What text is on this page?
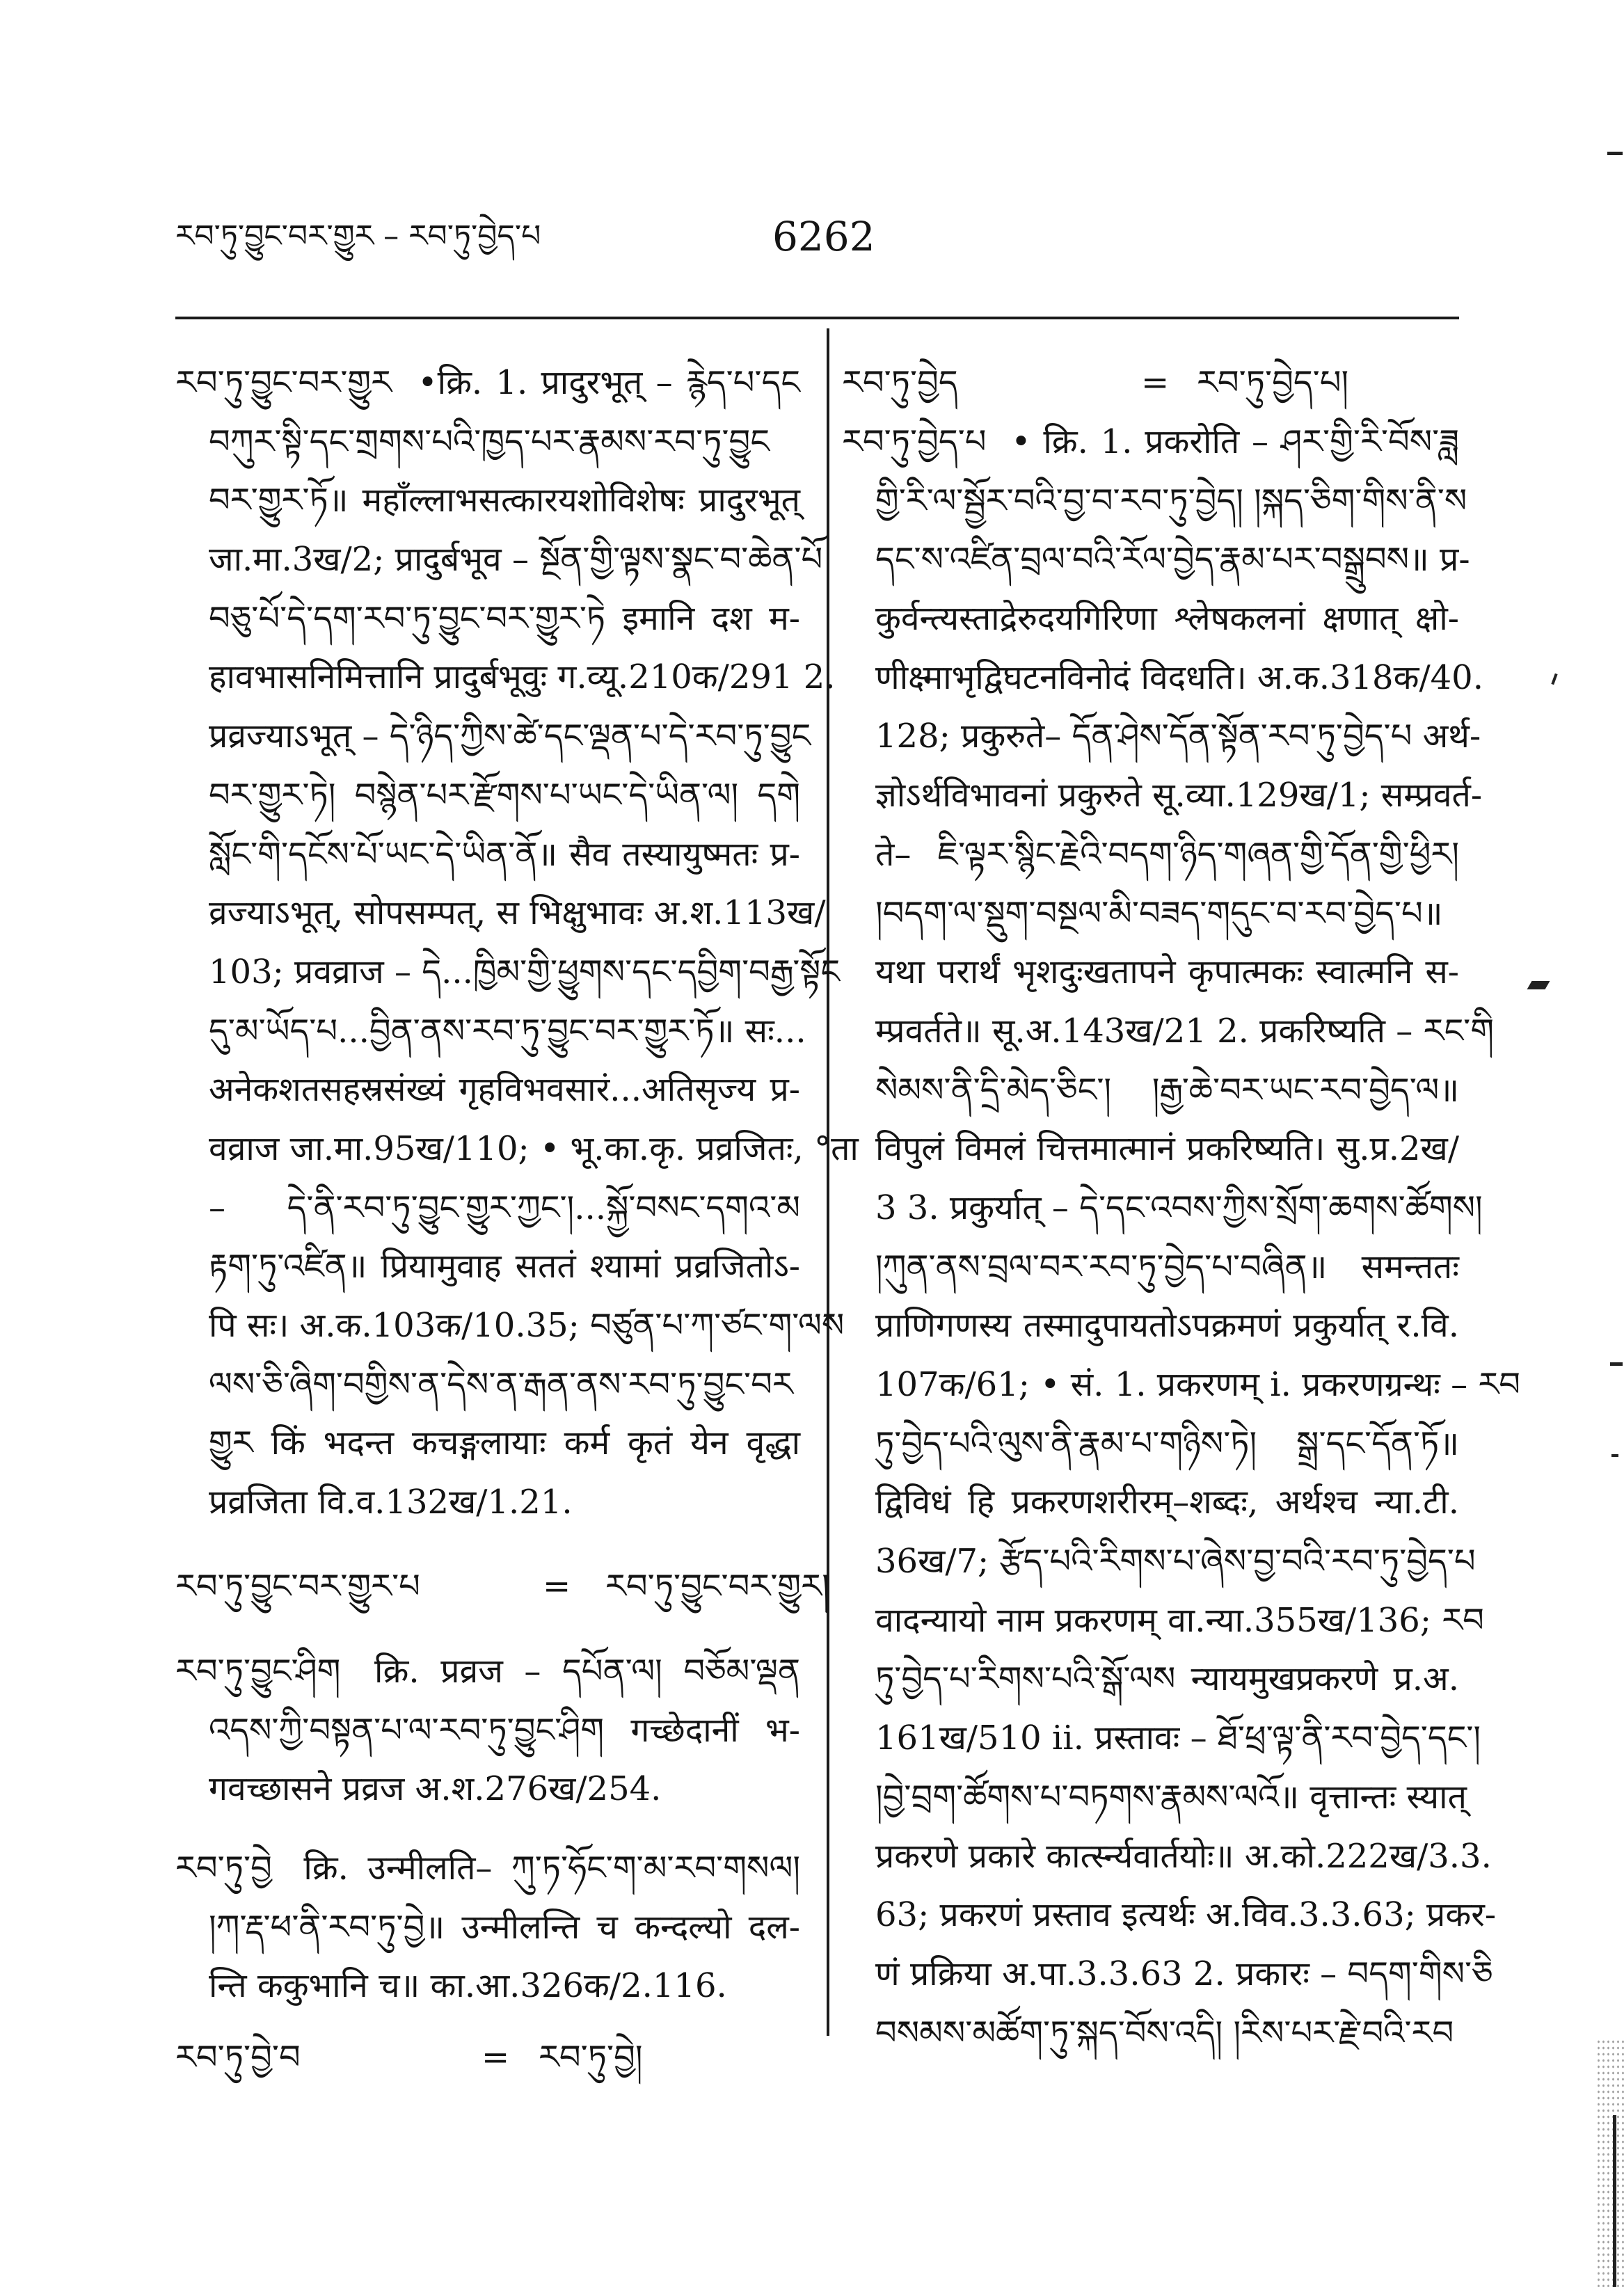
རབ་ཏུ་བྱུང་བར་གྱུར – རབ་ཏུ་བྱེད་པ	6262
རབ་ཏུ་བྱུང་བར་གྱུར •क्रि. 1. प्रादुरभूत् – རྙེད་པ་དང
བཀུར་སྟི་དང་གྲགས་པའི་ཁྱད་པར་རྣམས་རབ་ཏུ་བྱུང
བར་གྱུར་ཏོ॥ महाँल्लाभसत्कारयशोविशेषः प्रादुरभूत्
जा.मा.3ख/2; प्रादुर्बभूव – སྔོན་གྱི་ལྟས་སྣང་བ་ཆེན་པོ
བཅུ་པོ་དེ་དག་རབ་ཏུ་བྱུང་བར་གྱུར་ཏེ इमानि दश म-
हावभासनिमित्तानि प्रादुर्बभूवुः ग.व्यू.210क/291 2.
प्रव्रज्याऽभूत् – དེ་ཉིད་ཀྱིས་ཚེ་དང་ལྡན་པ་དེ་རབ་ཏུ་བྱུང
བར་གྱུར་ཏེ། བསྙེན་པར་རྫོགས་པ་ཡང་དེ་ཡིན་ལ། དགེ
སློང་གི་དངོས་པོ་ཡང་དེ་ཡིན་ནོ॥ सैव तस्यायुष्मतः प्र-
व्रज्याऽभूत्, सोपसम्पत्, स भिक्षुभावः अ.श.113ख/
103; प्रवव्राज – དེ...ཁྱིམ་གྱི་ཕྱུགས་དང་དབྱིག་བརྒྱ་སྟོང
དུ་མ་ཡོད་པ...བྱིན་ནས་རབ་ཏུ་བྱུང་བར་གྱུར་ཏོ॥ सः...
अनेकशतसहस्रसंख्यं गृहविभवसारं...अतिसृज्य प्र-
वव्राज जा.मा.95ख/110; • भू.का.कृ. प्रव्रजितः, °ता
– དེ་ནི་རབ་ཏུ་བྱུང་གྱུར་ཀྱང་།...སྐྱོ་བསང་དགའ་མ
རྟག་ཏུ་འཛིན॥ प्रियामुवाह सततं श्यामां प्रव्रजितोऽ-
पि सः। अ.क.103क/10.35; བཙུན་པ་ཀ་ཙང་ག་ལས
ལས་ཅི་ཞིག་བགྱིས་ན་དེས་ན་རྒན་ནས་རབ་ཏུ་བྱུང་བར
གྱུར किं भदन्त कचङ्गलायाः कर्म कृतं येन वृद्धा
प्रव्रजिता वि.व.132ख/1.21.
རབ་ཏུ་བྱུང་བར་གྱུར་པ	= རབ་ཏུ་བྱུང་བར་གྱུར།
རབ་ཏུ་བྱུང་ཤིག क्रि. प्रव्रज – དཔོན་ལ། བཅོམ་ལྡན
འདས་ཀྱི་བསྟན་པ་ལ་རབ་ཏུ་བྱུང་ཤིག गच्छेदानीं भ-
गवच्छासने प्रव्रज अ.श.276ख/254.
རབ་ཏུ་བྱེ क्रि. उन्मीलति– ཀུ་ཏ་ཧོང་ག་མ་རབ་གསལ།
།ཀ་རྡ་ཕ་ནི་རབ་ཏུ་བྱེ॥ उन्मीलन्ति च कन्दल्यो दल-
न्ति ककुभानि च॥ का.आ.326क/2.116.
རབ་ཏུ་བྱེ་བ	= རབ་ཏུ་བྱེ།
རབ་ཏུ་བྱེད	= རབ་ཏུ་བྱེད་པ།
རབ་ཏུ་བྱེད་པ • क्रि. 1. प्रकरोति – ཤར་གྱི་རི་བོས་ཟླ
གྱི་རི་ལ་སྦྱོར་བའི་བྱ་བ་རབ་ཏུ་བྱེད། །སྐད་ཅིག་གིས་ནི་ས
དང་ས་འཛིན་བྲལ་བའི་རོལ་བྱེད་རྣམ་པར་བསྒྲུབས॥ प्र-
कुर्वन्त्यस्ताद्रेरुदयगिरिणा श्लेषकलनां क्षणात् क्षो-
णीक्ष्माभृद्विघटनविनोदं विदधति। अ.क.318क/40.
128; प्रकुरुते– དོན་ཤེས་དོན་སྟོན་རབ་ཏུ་བྱེད་པ अर्थ-
ज्ञोऽर्थविभावनां प्रकुरुते सू.व्या.129ख/1; सम्प्रवर्त-
ते– ཇི་ལྟར་སྙིང་རྗེའི་བདག་ཉིད་གཞན་གྱི་དོན་གྱི་ཕྱིར།
།བདག་ལ་སྡུག་བསྔལ་མི་བཟད་གདུང་བ་རབ་བྱེད་པ॥
यथा परार्थं भृशदुःखतापने कृपात्मकः स्वात्मनि स-
म्प्रवर्तते॥ सू.अ.143ख/21 2. प्रकरिष्यति – རང་གི
སེམས་ནི་དྲི་མེད་ཅིང་། །རྒྱ་ཆེ་བར་ཡང་རབ་བྱེད་ལ॥
विपुलं विमलं चित्तमात्मानं प्रकरिष्यति। सु.प्र.2ख/
3 3. प्रकुर्यात् – དེ་དང་འབས་ཀྱིས་སྲོག་ཆགས་ཚོགས།
།ཀུན་ནས་བྲལ་བར་རབ་ཏུ་བྱེད་པ་བཞིན॥ समन्ततः
प्राणिगणस्य तस्मादुपायतोऽपक्रमणं प्रकुर्यात् र.वि.
107क/61; • सं. 1. प्रकरणम् i. प्रकरणग्रन्थः – རབ
ཏུ་བྱེད་པའི་ལུས་ནི་རྣམ་པ་གཉིས་ཏེ། སྒྲ་དང་དོན་ཏོ॥
द्विविधं हि प्रकरणशरीरम्–शब्दः, अर्थश्च न्या.टी.
36ख/7; རྩོད་པའི་རིགས་པ་ཞེས་བྱ་བའི་རབ་ཏུ་བྱེད་པ
वादन्यायो नाम प्रकरणम् वा.न्या.355ख/136; རབ
ཏུ་བྱེད་པ་རིགས་པའི་སྒོ་ལས न्यायमुखप्रकरणे प्र.अ.
161ख/510 ii. प्रस्तावः – ཐོ་ཕྲ་ལྟ་ནི་རབ་བྱེད་དང་།
།བྱེ་བྲག་ཚོགས་པ་བཏགས་རྣམས་ལའོ॥ वृत्तान्तः स्यात्
प्रकरणे प्रकारे कार्त्स्न्यवार्तयोः॥ अ.को.222ख/3.3.
63; प्रकरणं प्रस्ताव इत्यर्थः अ.विव.3.3.63; प्रकर-
णं प्रक्रिया अ.पा.3.3.63 2. प्रकारः – བདག་གིས་ཅི
བསམས་མཚོག་ཏུ་སྐད་བོས་འདི། །རིས་པར་རྗེ་བའི་རབ
